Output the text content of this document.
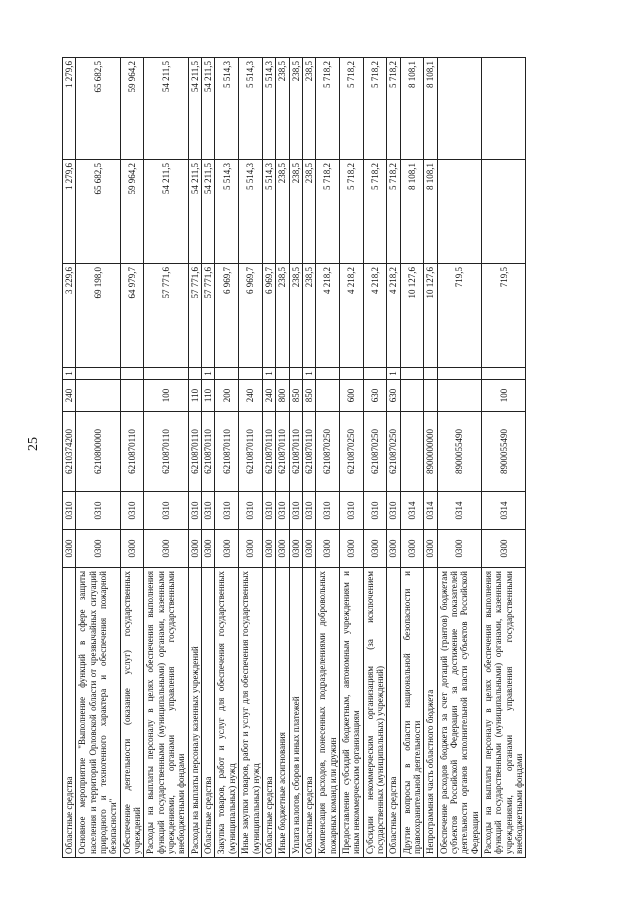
25
Областные средства	0300	0310	6210374200	240	1	3 229,6	1 279,6	1 279,6
Основное мероприятие "Выполнение функций в сфере защиты населения и территорий Орловской области от чрезвычайных ситуаций природного и техногенного характера и обеспечения пожарной безопасности"	0300	0310	6210800000			69 198,0	65 682,5	65 682,5
Обеспечение деятельности (оказание услуг) государственных учреждений	0300	0310	6210870110			64 979,7	59 964,2	59 964,2
Расходы на выплаты персоналу в целях обеспечения выполнения функций государственными (муниципальными) органами, казенными учреждениями, органами управления государственными внебюджетными фондами	0300	0310	6210870110	100		57 771,6	54 211,5	54 211,5
Расходы на выплаты персоналу казенных учреждений	0300	0310	6210870110	110		57 771,6	54 211,5	54 211,5
Областные средства	0300	0310	6210870110	110	1	57 771,6	54 211,5	54 211,5
Закупка товаров, работ и услуг для обеспечения государственных (муниципальных) нужд	0300	0310	6210870110	200		6 969,7	5 514,3	5 514,3
Иные закупки товаров, работ и услуг для обеспечения государственных (муниципальных) нужд	0300	0310	6210870110	240		6 969,7	5 514,3	5 514,3
Областные средства	0300	0310	6210870110	240	1	6 969,7	5 514,3	5 514,3
Иные бюджетные ассигнования	0300	0310	6210870110	800		238,5	238,5	238,5
Уплата налогов, сборов и иных платежей	0300	0310	6210870110	850		238,5	238,5	238,5
Областные средства	0300	0310	6210870110	850	1	238,5	238,5	238,5
Компенсация расходов, понесенных подразделениями добровольных пожарных команд или дружин	0300	0310	6210870250			4 218,2	5 718,2	5 718,2
Предоставление субсидий бюджетным, автономным учреждениям и иным некоммерческим организациям	0300	0310	6210870250	600		4 218,2	5 718,2	5 718,2
Субсидии некоммерческим организациям (за исключением государственных (муниципальных) учреждений)	0300	0310	6210870250	630		4 218,2	5 718,2	5 718,2
Областные средства	0300	0310	6210870250	630	1	4 218,2	5 718,2	5 718,2
Другие вопросы в области национальной безопасности и правоохранительной деятельности	0300	0314				10 127,6	8 108,1	8 108,1
Непрограммная часть областного бюджета	0300	0314	8900000000			10 127,6	8 108,1	8 108,1
Обеспечение расходов бюджета за счет дотаций (грантов) бюджетам субъектов Российской Федерации за достижение показателей деятельности органов исполнительной власти субъектов Российской Федерации	0300	0314	8900055490			719,5		
Расходы на выплаты персоналу в целях обеспечения выполнения функций государственными (муниципальными) органами, казенными учреждениями, органами управления государственными внебюджетными фондами	0300	0314	8900055490	100		719,5		
